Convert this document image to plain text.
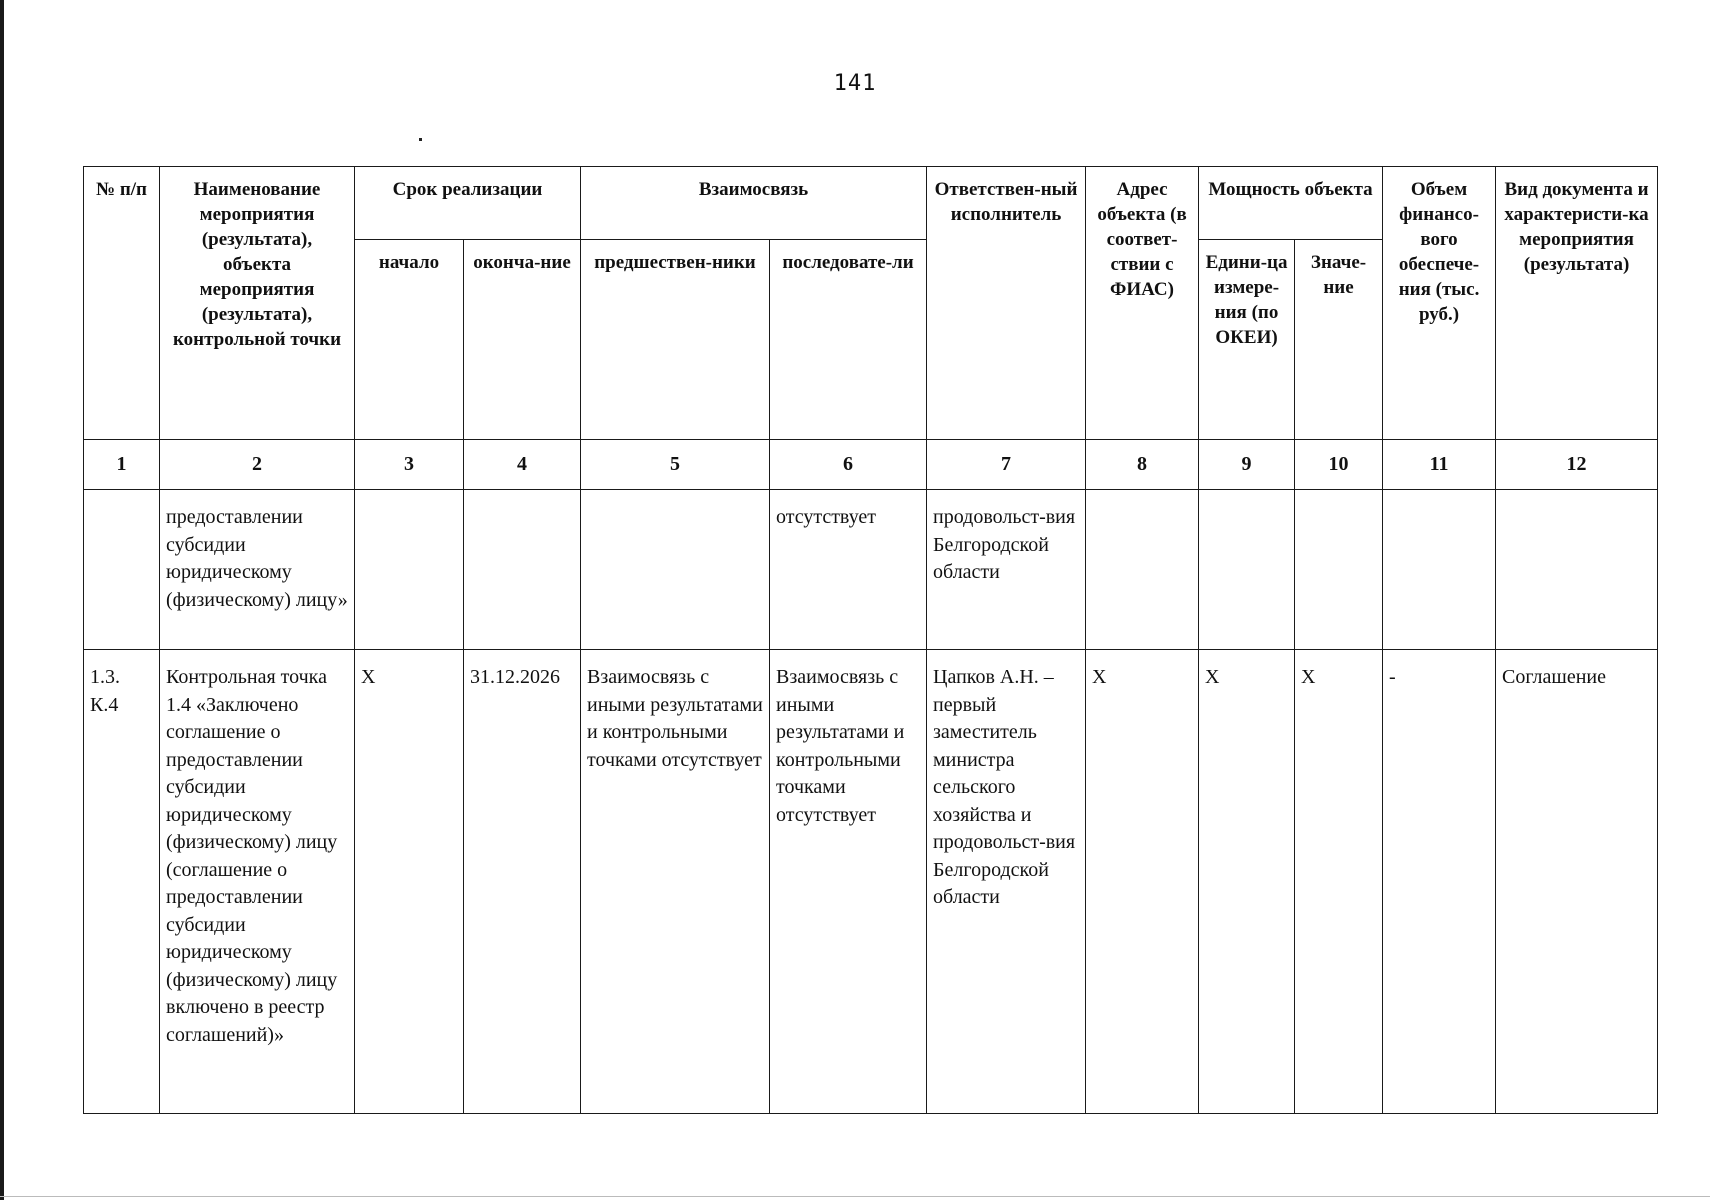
141
№ п/п	Наименование мероприятия (результата), объекта мероприятия (результата), контрольной точки	Срок реализации		Взаимосвязь		Ответствен-ный исполнитель	Адрес объекта (в соответ-ствии с ФИАС)	Мощность объекта		Объем финансо-вого обеспече-ния (тыс. руб.)	Вид документа и характеристи-ка мероприятия (результата)

		начало	оконча-ние	предшествен-ники	последовате-ли			Едини-ца измере-ния (по ОКЕИ)	Значе-ние		

1	2	3	4	5	6	7	8	9	10	11	12

	предоставлении субсидии юридическому (физическому) лицу»				отсутствует	продовольст-вия Белгородской области					

1.3. К.4	Контрольная точка 1.4 «Заключено соглашение о предоставлении субсидии юридическому (физическому) лицу (соглашение о предоставлении субсидии юридическому (физическому) лицу включено в реестр соглашений)»	X	31.12.2026	Взаимосвязь с иными результатами и контрольными точками отсутствует	Взаимосвязь с иными результатами и контрольными точками отсутствует	Цапков А.Н. – первый заместитель министра сельского хозяйства и продовольст-вия Белгородской области	X	X	X	-	Соглашение
